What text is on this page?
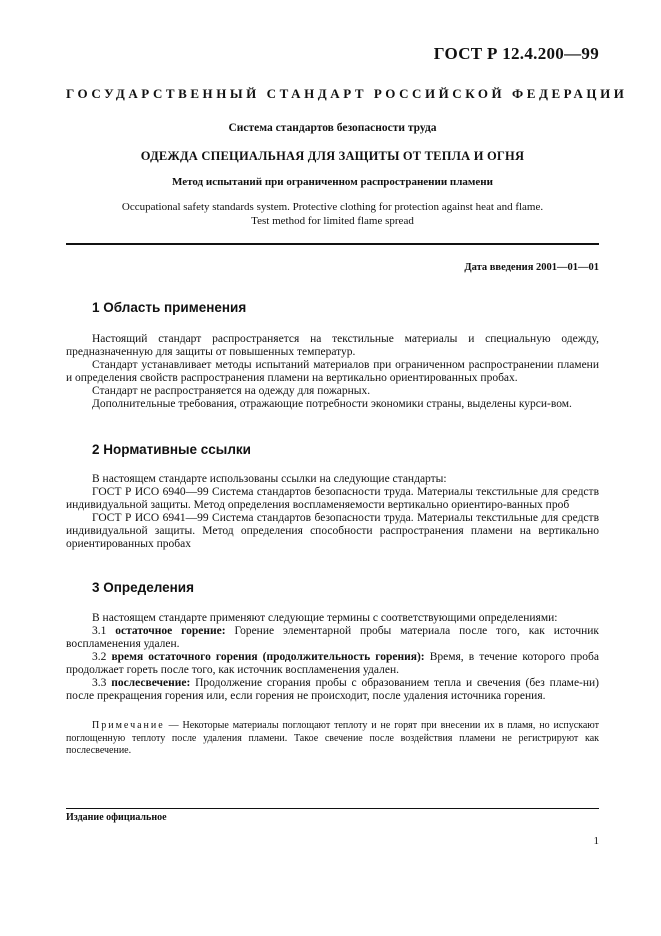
ГОСТ Р 12.4.200—99
ГОСУДАРСТВЕННЫЙ СТАНДАРТ РОССИЙСКОЙ ФЕДЕРАЦИИ
Система стандартов безопасности труда
ОДЕЖДА СПЕЦИАЛЬНАЯ ДЛЯ ЗАЩИТЫ ОТ ТЕПЛА И ОГНЯ
Метод испытаний при ограниченном распространении пламени
Occupational safety standards system. Protective clothing for protection against heat and flame.
Test method for limited flame spread
Дата введения 2001—01—01
1 Область применения

Настоящий стандарт распространяется на текстильные материалы и специальную одежду, предназначенную для защиты от повышенных температур.

Стандарт устанавливает методы испытаний материалов при ограниченном распространении пламени и определения свойств распространения пламени на вертикально ориентированных пробах.

Стандарт не распространяется на одежду для пожарных.

Дополнительные требования, отражающие потребности экономики страны, выделены курси-вом.

2 Нормативные ссылки

В настоящем стандарте использованы ссылки на следующие стандарты:

ГОСТ Р ИСО 6940—99 Система стандартов безопасности труда. Материалы текстильные для средств индивидуальной защиты. Метод определения воспламеняемости вертикально ориентиро-ванных проб

ГОСТ Р ИСО 6941—99 Система стандартов безопасности труда. Материалы текстильные для средств индивидуальной защиты. Метод определения способности распространения пламени на вертикально ориентированных пробах

3 Определения

В настоящем стандарте применяют следующие термины с соответствующими определениями:

3.1 остаточное горение: Горение элементарной пробы материала после того, как источник воспламенения удален.

3.2 время остаточного горения (продолжительность горения): Время, в течение которого проба продолжает гореть после того, как источник воспламенения удален.

3.3 послесвечение: Продолжение сгорания пробы с образованием тепла и свечения (без пламе-ни) после прекращения горения или, если горения не происходит, после удаления источника горения.

Примечание — Некоторые материалы поглощают теплоту и не горят при внесении их в пламя, но испускают поглощенную теплоту после удаления пламени. Такое свечение после воздействия пламени не регистрируют как послесвечение.
Издание официальное
1
